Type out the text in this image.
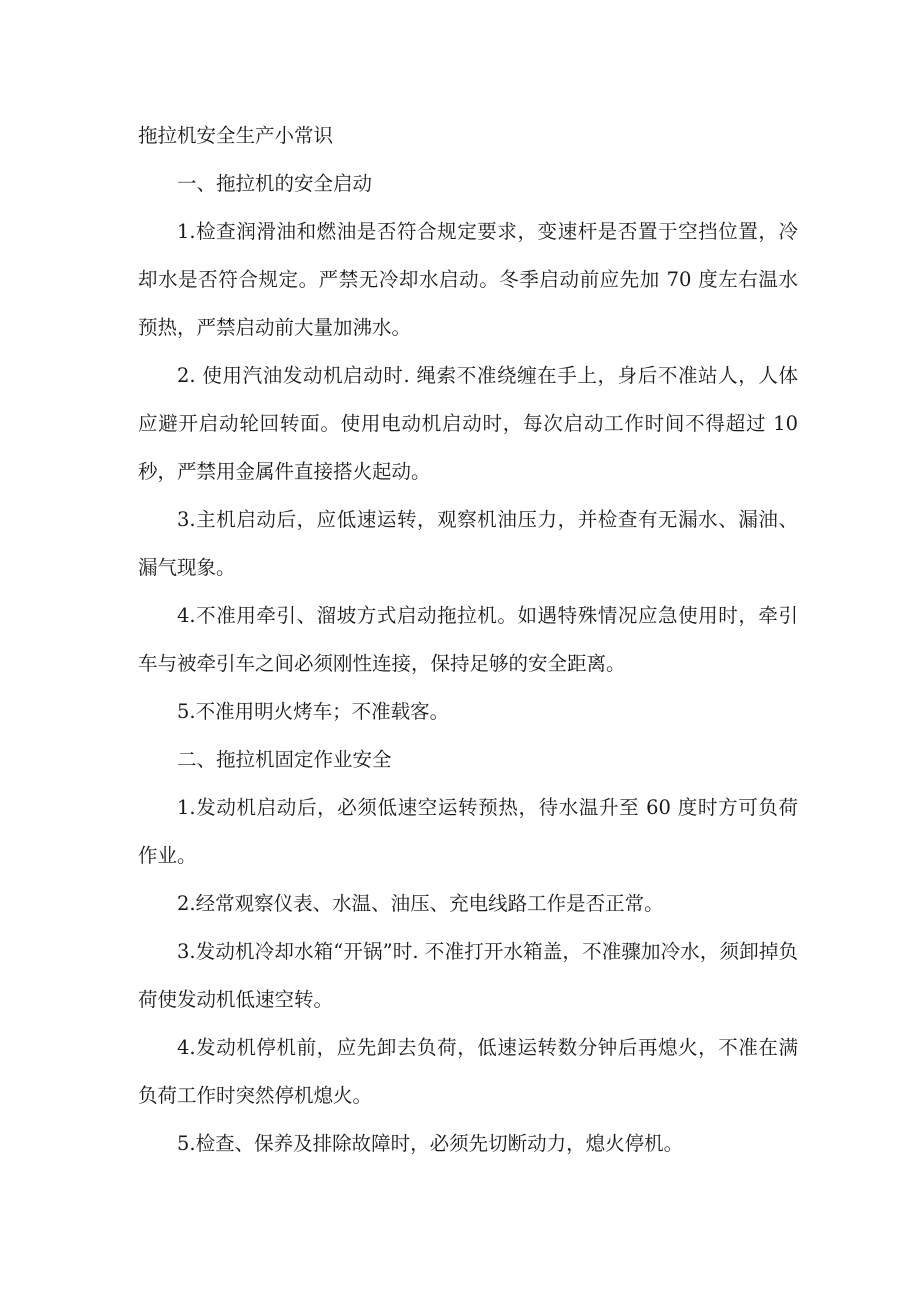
拖拉机安全生产小常识

一、拖拉机的安全启动

1.检查润滑油和燃油是否符合规定要求，变速杆是否置于空挡位置，冷却水是否符合规定。严禁无冷却水启动。冬季启动前应先加 70 度左右温水预热，严禁启动前大量加沸水。

2. 使用汽油发动机启动时. 绳索不准绕缠在手上，身后不准站人，人体应避开启动轮回转面。使用电动机启动时，每次启动工作时间不得超过 10 秒，严禁用金属件直接搭火起动。

3.主机启动后，应低速运转，观察机油压力，并检查有无漏水、漏油、漏气现象。

4.不准用牵引、溜坡方式启动拖拉机。如遇特殊情况应急使用时，牵引车与被牵引车之间必须刚性连接，保持足够的安全距离。

5.不准用明火烤车；不准载客。

二、拖拉机固定作业安全

1.发动机启动后，必须低速空运转预热，待水温升至 60 度时方可负荷作业。

2.经常观察仪表、水温、油压、充电线路工作是否正常。

3.发动机冷却水箱“开锅”时. 不准打开水箱盖，不准骤加冷水，须卸掉负荷使发动机低速空转。

4.发动机停机前，应先卸去负荷，低速运转数分钟后再熄火，不准在满负荷工作时突然停机熄火。

5.检查、保养及排除故障时，必须先切断动力，熄火停机。
